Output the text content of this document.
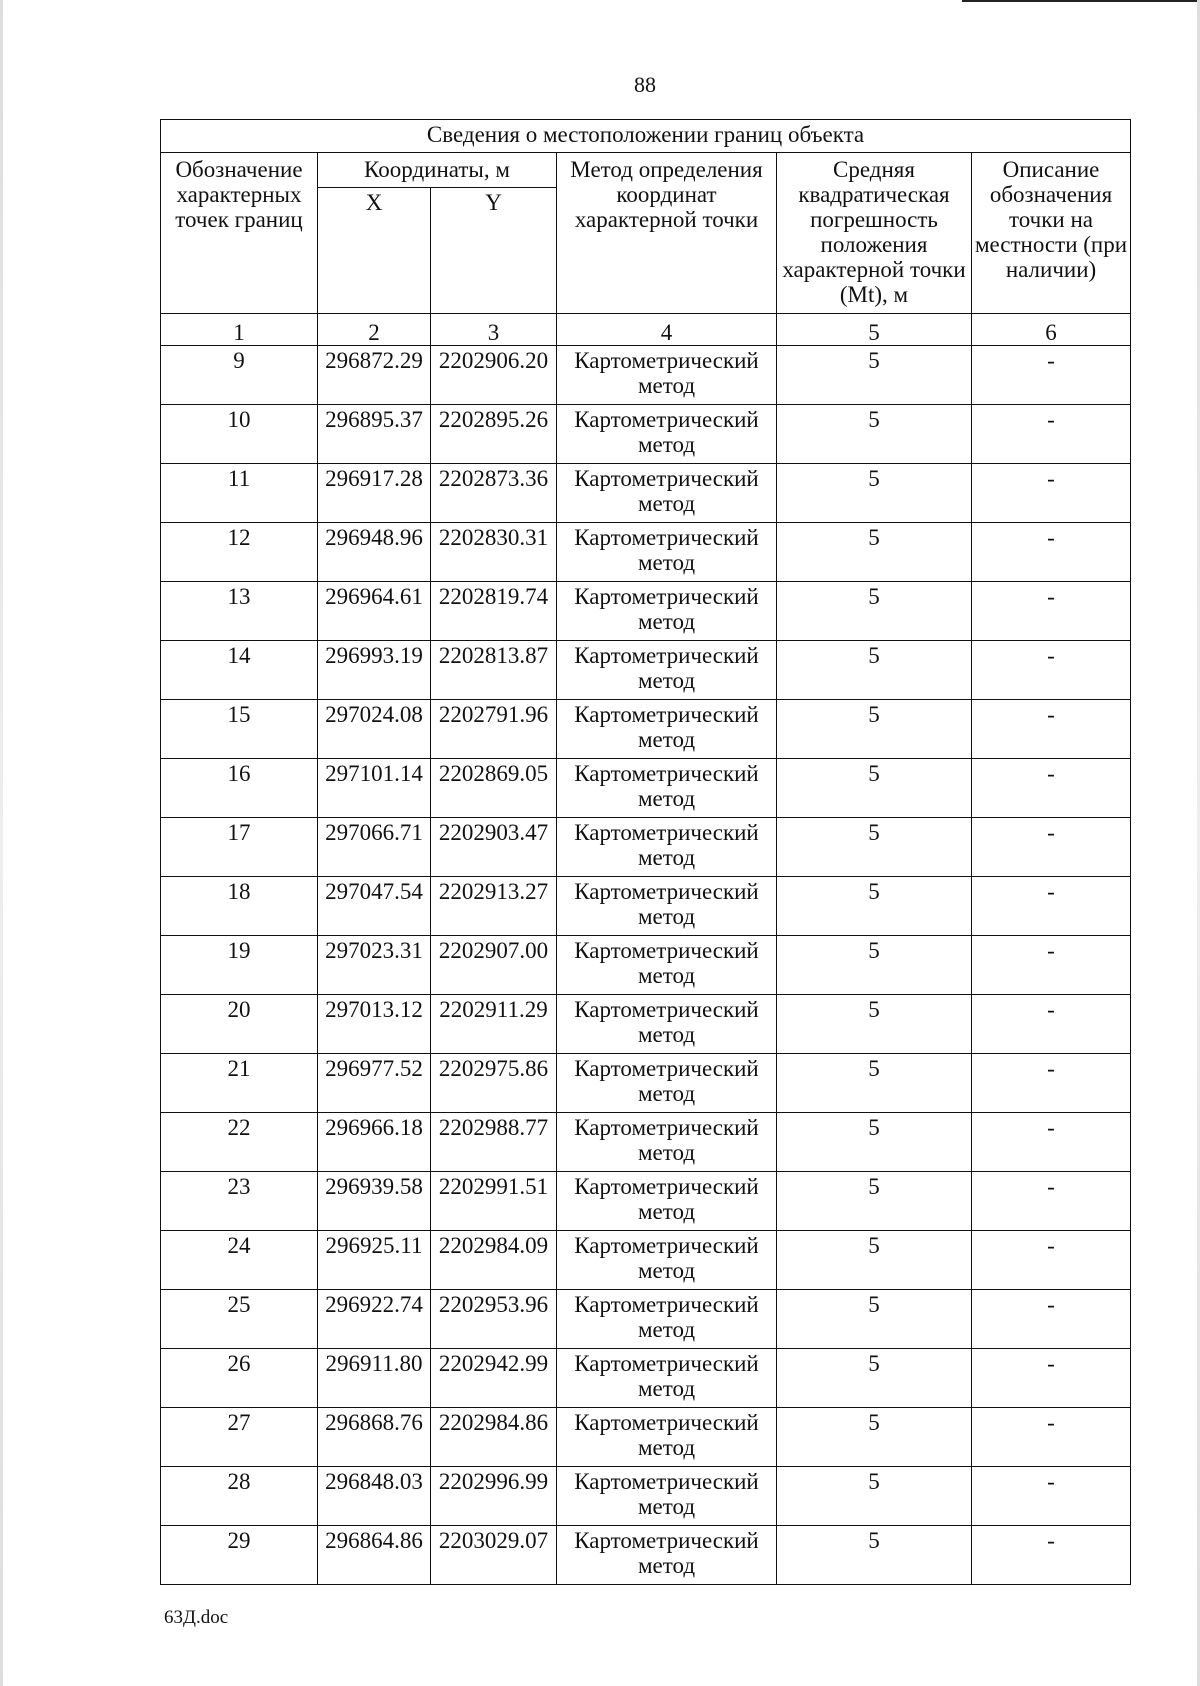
88
Сведения о местоположении границ объекта					
Обозначение характерных точек границ	Координаты, м		Метод определения координат характерной точки	Средняя квадратическая погрешность положения характерной точки (Mt), м	Описание обозначения точки на местности (при наличии)
	X	Y			
1	2	3	4	5	6
9	296872.29	2202906.20	Картометрический метод	5	-
10	296895.37	2202895.26	Картометрический метод	5	-
11	296917.28	2202873.36	Картометрический метод	5	-
12	296948.96	2202830.31	Картометрический метод	5	-
13	296964.61	2202819.74	Картометрический метод	5	-
14	296993.19	2202813.87	Картометрический метод	5	-
15	297024.08	2202791.96	Картометрический метод	5	-
16	297101.14	2202869.05	Картометрический метод	5	-
17	297066.71	2202903.47	Картометрический метод	5	-
18	297047.54	2202913.27	Картометрический метод	5	-
19	297023.31	2202907.00	Картометрический метод	5	-
20	297013.12	2202911.29	Картометрический метод	5	-
21	296977.52	2202975.86	Картометрический метод	5	-
22	296966.18	2202988.77	Картометрический метод	5	-
23	296939.58	2202991.51	Картометрический метод	5	-
24	296925.11	2202984.09	Картометрический метод	5	-
25	296922.74	2202953.96	Картометрический метод	5	-
26	296911.80	2202942.99	Картометрический метод	5	-
27	296868.76	2202984.86	Картометрический метод	5	-
28	296848.03	2202996.99	Картометрический метод	5	-
29	296864.86	2203029.07	Картометрический метод	5	-
63Д.doc
